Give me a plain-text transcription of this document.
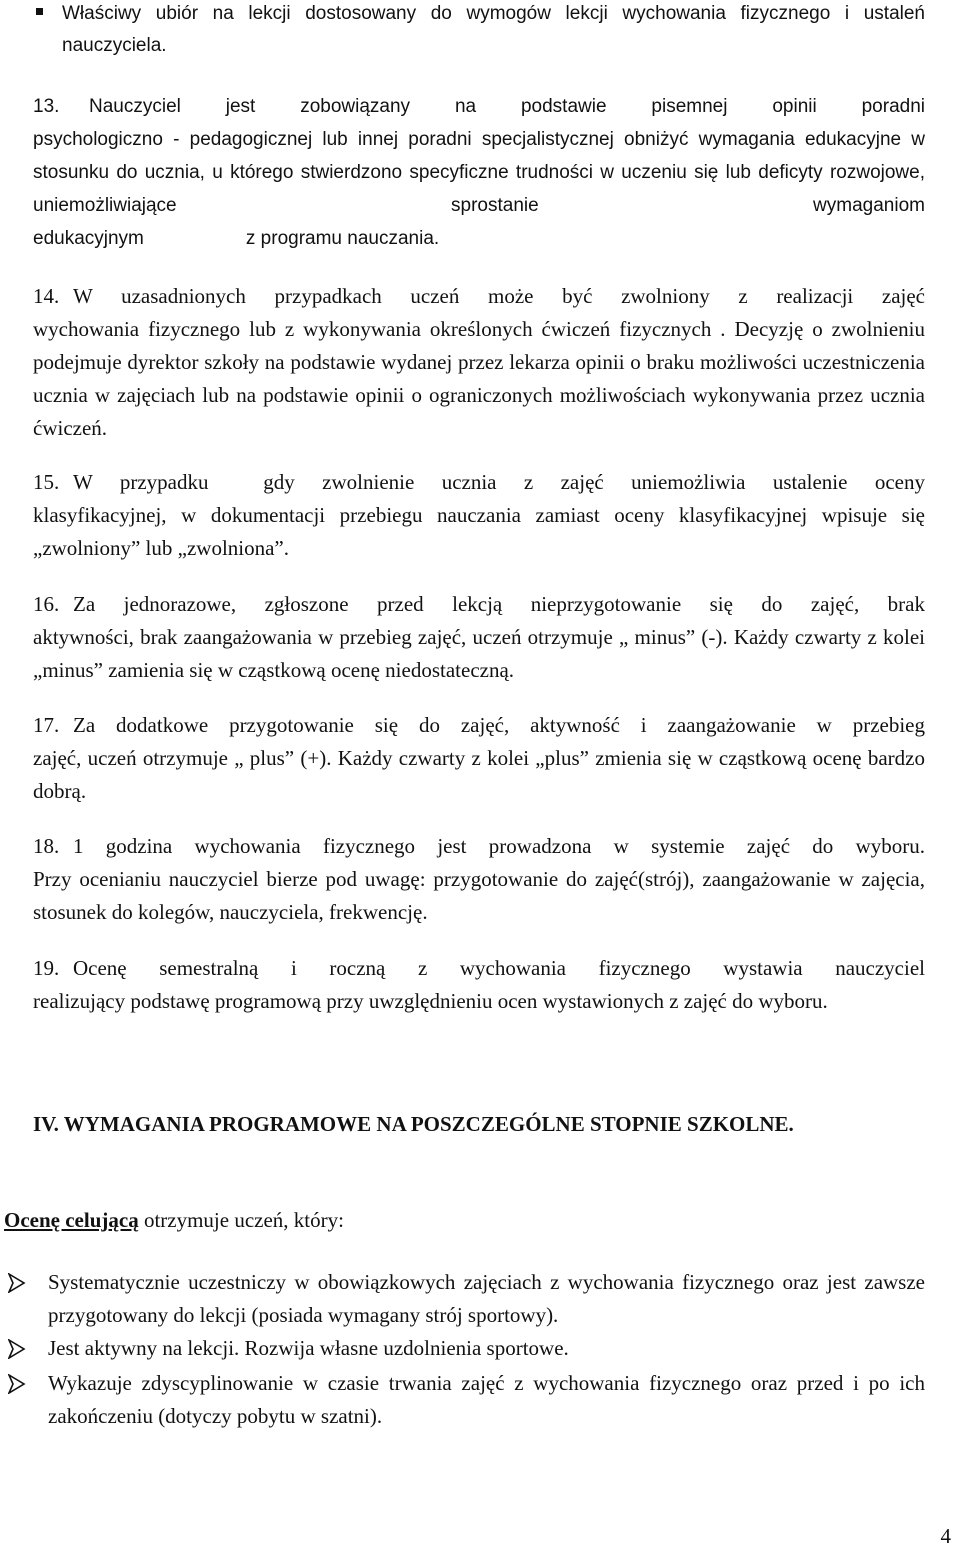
Właściwy ubiór na lekcji dostosowany do wymogów lekcji wychowania fizycznego i ustaleń nauczyciela.
13.	Nauczyciel jest zobowiązany na podstawie pisemnej opinii poradni
psychologiczno - pedagogicznej lub innej poradni specjalistycznej obniżyć wymagania edukacyjne w stosunku do ucznia, u którego stwierdzono specyficzne trudności w uczeniu się lub deficyty rozwojowe, uniemożliwiające sprostanie wymaganiom
edukacyjnym	z programu nauczania.
14. W uzasadnionych przypadkach uczeń może być zwolniony z realizacji zajęć
wychowania fizycznego lub z wykonywania określonych ćwiczeń fizycznych . Decyzję o zwolnieniu podejmuje dyrektor szkoły na podstawie wydanej przez lekarza opinii o braku możliwości uczestniczenia ucznia w zajęciach lub na podstawie opinii o ograniczonych możliwościach wykonywania przez ucznia ćwiczeń.
15. W przypadku  gdy zwolnienie ucznia z zajęć uniemożliwia ustalenie oceny
klasyfikacyjnej, w dokumentacji przebiegu nauczania zamiast oceny klasyfikacyjnej wpisuje się „zwolniony” lub „zwolniona”.
16. Za jednorazowe, zgłoszone przed lekcją nieprzygotowanie się do zajęć, brak
aktywności, brak zaangażowania w przebieg zajęć, uczeń otrzymuje „ minus” (-). Każdy czwarty z kolei „minus” zamienia się w cząstkową ocenę niedostateczną.
17. Za dodatkowe przygotowanie się do zajęć, aktywność i zaangażowanie w przebieg
zajęć, uczeń otrzymuje „ plus” (+). Każdy czwarty z kolei „plus” zmienia się w cząstkową ocenę bardzo dobrą.
18. 1 godzina wychowania fizycznego jest prowadzona w systemie zajęć do wyboru.
Przy ocenianiu nauczyciel bierze pod uwagę: przygotowanie do zajęć(strój), zaangażowanie w zajęcia, stosunek do kolegów, nauczyciela, frekwencję.
19. Ocenę semestralną i roczną z wychowania fizycznego wystawia nauczyciel
realizujący podstawę programową przy uwzględnieniu ocen wystawionych z zajęć do wyboru.
IV. WYMAGANIA PROGRAMOWE NA POSZCZEGÓLNE STOPNIE SZKOLNE.
Ocenę celującą otrzymuje uczeń, który:
Systematycznie uczestniczy w obowiązkowych zajęciach z wychowania fizycznego oraz jest zawsze przygotowany do lekcji (posiada wymagany strój sportowy).
Jest aktywny na lekcji. Rozwija własne uzdolnienia sportowe.
Wykazuje zdyscyplinowanie w czasie trwania zajęć z wychowania fizycznego oraz przed i po ich zakończeniu (dotyczy pobytu w szatni).
4
